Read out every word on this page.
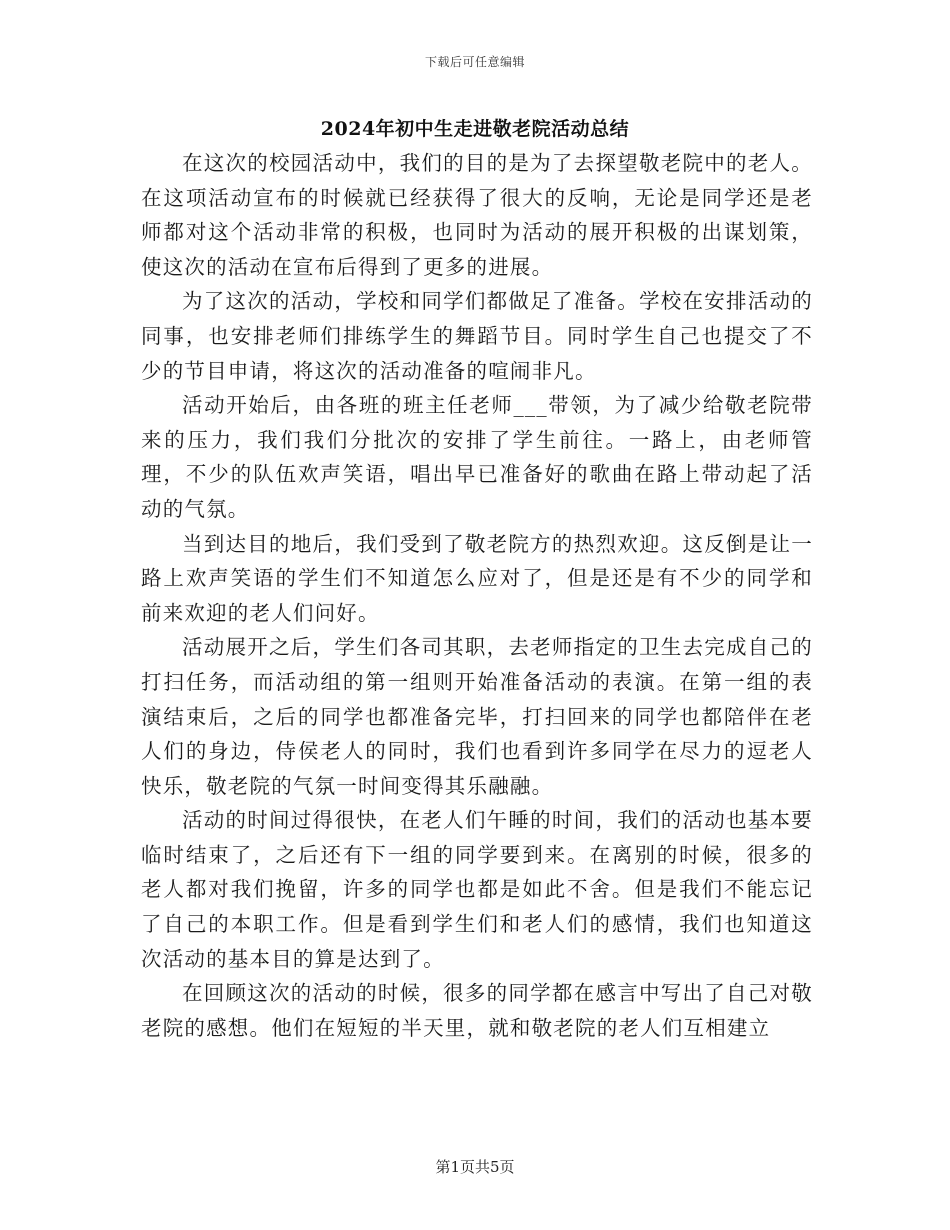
下载后可任意编辑
2024年初中生走进敬老院活动总结

在这次的校园活动中，我们的目的是为了去探望敬老院中的老人。在这项活动宣布的时候就已经获得了很大的反响，无论是同学还是老师都对这个活动非常的积极，也同时为活动的展开积极的出谋划策，使这次的活动在宣布后得到了更多的进展。

为了这次的活动，学校和同学们都做足了准备。学校在安排活动的同事，也安排老师们排练学生的舞蹈节目。同时学生自己也提交了不少的节目申请，将这次的活动准备的喧闹非凡。

活动开始后，由各班的班主任老师___带领，为了减少给敬老院带来的压力，我们我们分批次的安排了学生前往。一路上，由老师管理，不少的队伍欢声笑语，唱出早已准备好的歌曲在路上带动起了活动的气氛。

当到达目的地后，我们受到了敬老院方的热烈欢迎。这反倒是让一路上欢声笑语的学生们不知道怎么应对了，但是还是有不少的同学和前来欢迎的老人们问好。

活动展开之后，学生们各司其职，去老师指定的卫生去完成自己的打扫任务，而活动组的第一组则开始准备活动的表演。在第一组的表演结束后，之后的同学也都准备完毕，打扫回来的同学也都陪伴在老人们的身边，侍侯老人的同时，我们也看到许多同学在尽力的逗老人快乐，敬老院的气氛一时间变得其乐融融。

活动的时间过得很快，在老人们午睡的时间，我们的活动也基本要临时结束了，之后还有下一组的同学要到来。在离别的时候，很多的老人都对我们挽留，许多的同学也都是如此不舍。但是我们不能忘记了自己的本职工作。但是看到学生们和老人们的感情，我们也知道这次活动的基本目的算是达到了。

在回顾这次的活动的时候，很多的同学都在感言中写出了自己对敬老院的感想。他们在短短的半天里，就和敬老院的老人们互相建立

第1页共5页
